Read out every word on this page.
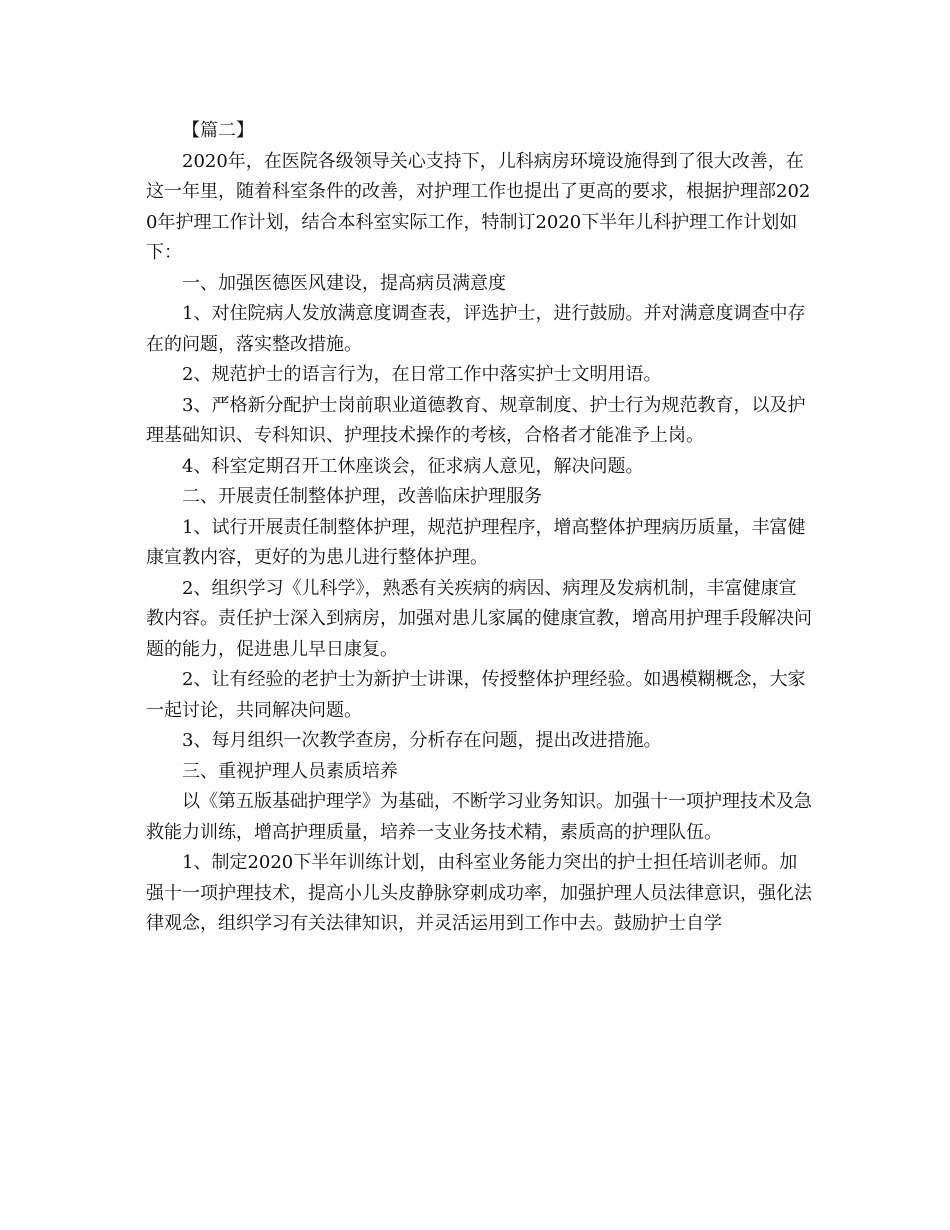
【篇二】

2020年，在医院各级领导关心支持下，儿科病房环境设施得到了很大改善，在这一年里，随着科室条件的改善，对护理工作也提出了更高的要求，根据护理部2020年护理工作计划，结合本科室实际工作，特制订2020下半年儿科护理工作计划如下：

一、加强医德医风建设，提高病员满意度

1、对住院病人发放满意度调查表，评选护士，进行鼓励。并对满意度调查中存在的问题，落实整改措施。

2、规范护士的语言行为，在日常工作中落实护士文明用语。

3、严格新分配护士岗前职业道德教育、规章制度、护士行为规范教育，以及护理基础知识、专科知识、护理技术操作的考核，合格者才能准予上岗。

4、科室定期召开工休座谈会，征求病人意见，解决问题。

二、开展责任制整体护理，改善临床护理服务

1、试行开展责任制整体护理，规范护理程序，增高整体护理病历质量，丰富健康宣教内容，更好的为患儿进行整体护理。

2、组织学习《儿科学》，熟悉有关疾病的病因、病理及发病机制，丰富健康宣教内容。责任护士深入到病房，加强对患儿家属的健康宣教，增高用护理手段解决问题的能力，促进患儿早日康复。

2、让有经验的老护士为新护士讲课，传授整体护理经验。如遇模糊概念，大家一起讨论，共同解决问题。

3、每月组织一次教学查房，分析存在问题，提出改进措施。

三、重视护理人员素质培养

以《第五版基础护理学》为基础，不断学习业务知识。加强十一项护理技术及急救能力训练，增高护理质量，培养一支业务技术精，素质高的护理队伍。

1、制定2020下半年训练计划，由科室业务能力突出的护士担任培训老师。加强十一项护理技术，提高小儿头皮静脉穿刺成功率，加强护理人员法律意识，强化法律观念，组织学习有关法律知识，并灵活运用到工作中去。鼓励护士自学
